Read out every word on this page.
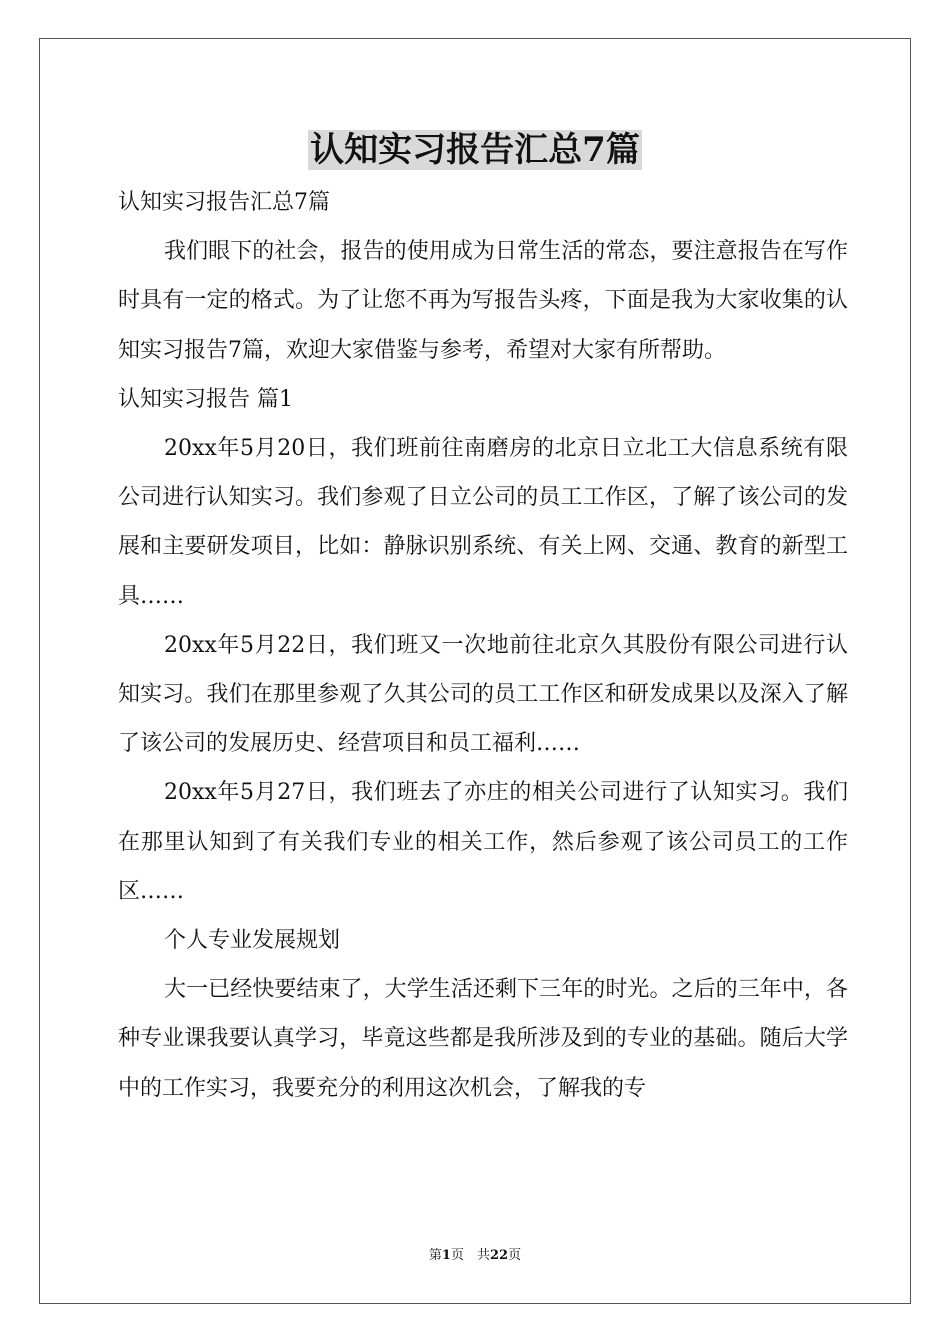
认知实习报告汇总7篇

认知实习报告汇总7篇

我们眼下的社会，报告的使用成为日常生活的常态，要注意报告在写作时具有一定的格式。为了让您不再为写报告头疼，下面是我为大家收集的认知实习报告7篇，欢迎大家借鉴与参考，希望对大家有所帮助。

认知实习报告 篇1

20xx年5月20日，我们班前往南磨房的北京日立北工大信息系统有限公司进行认知实习。我们参观了日立公司的员工工作区，了解了该公司的发展和主要研发项目，比如：静脉识别系统、有关上网、交通、教育的新型工具……

20xx年5月22日，我们班又一次地前往北京久其股份有限公司进行认知实习。我们在那里参观了久其公司的员工工作区和研发成果以及深入了解了该公司的发展历史、经营项目和员工福利……

20xx年5月27日，我们班去了亦庄的相关公司进行了认知实习。我们在那里认知到了有关我们专业的相关工作，然后参观了该公司员工的工作区……

个人专业发展规划

大一已经快要结束了，大学生活还剩下三年的时光。之后的三年中，各种专业课我要认真学习，毕竟这些都是我所涉及到的专业的基础。随后大学中的工作实习，我要充分的利用这次机会，了解我的专

第1页　共22页
